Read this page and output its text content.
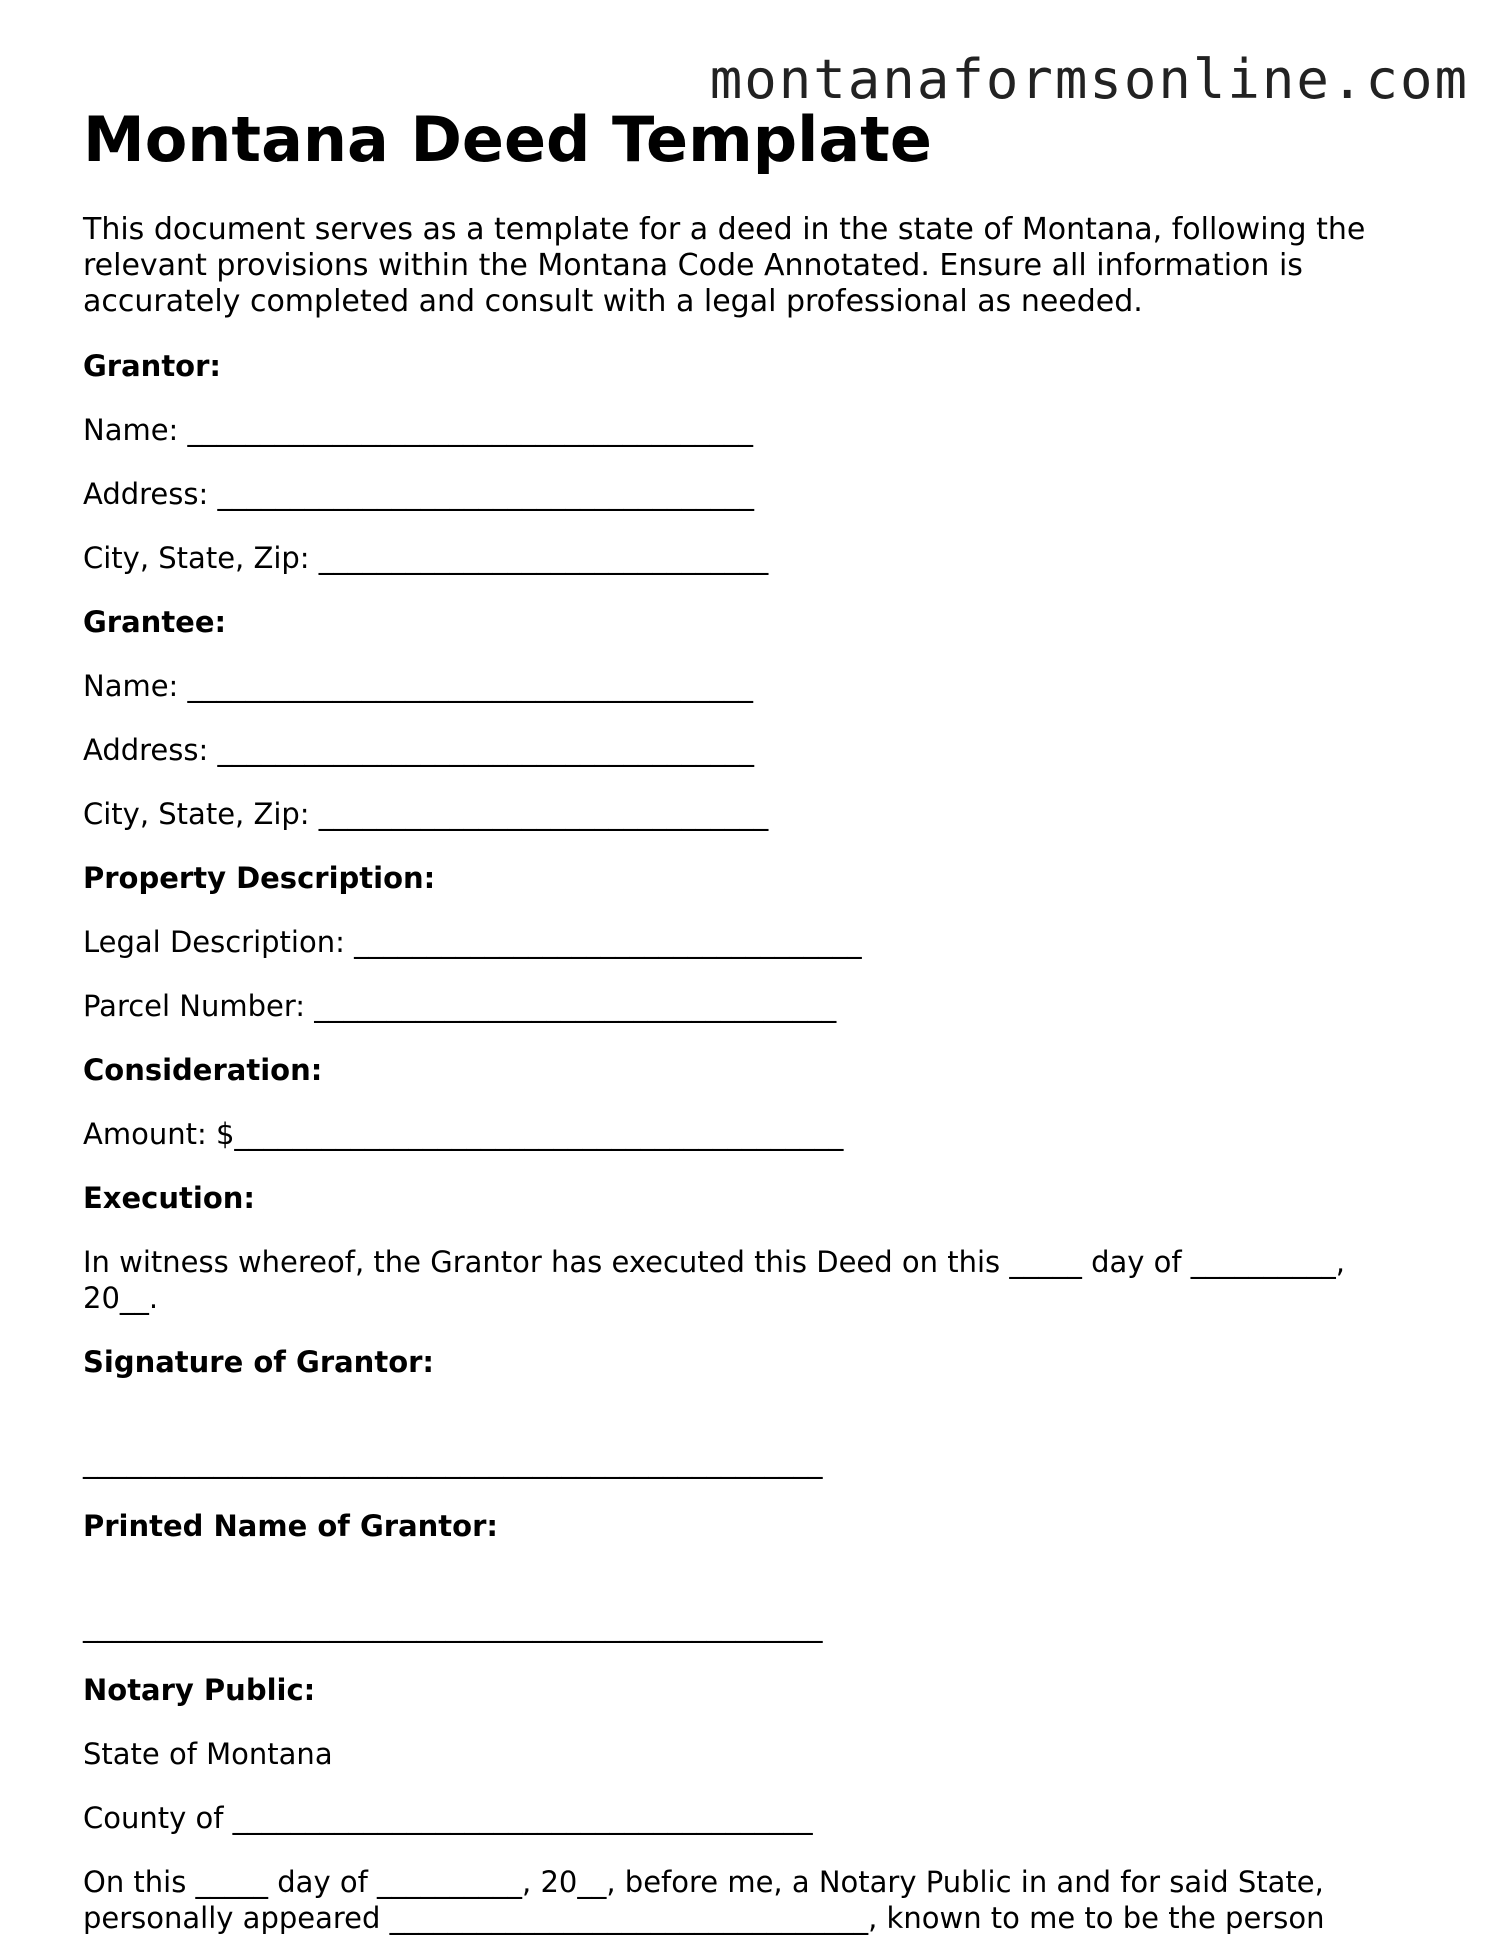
montanaformsonline.com
Montana Deed Template
This document serves as a template for a deed in the state of Montana, following the relevant provisions within the Montana Code Annotated. Ensure all information is accurately completed and consult with a legal professional as needed.
Grantor:
Name: _______________________________________
Address: _____________________________________
City, State, Zip: _______________________________
Grantee:
Name: _______________________________________
Address: _____________________________________
City, State, Zip: _______________________________
Property Description:
Legal Description: ___________________________________
Parcel Number: ____________________________________
Consideration:
Amount: $__________________________________________
Execution:
In witness whereof, the Grantor has executed this Deed on this _____ day of __________, 20__.
Signature of Grantor:
___________________________________________________
Printed Name of Grantor:
___________________________________________________
Notary Public:
State of Montana
County of ________________________________________
On this _____ day of __________, 20__, before me, a Notary Public in and for said State, personally appeared _________________________________, known to me to be the person
